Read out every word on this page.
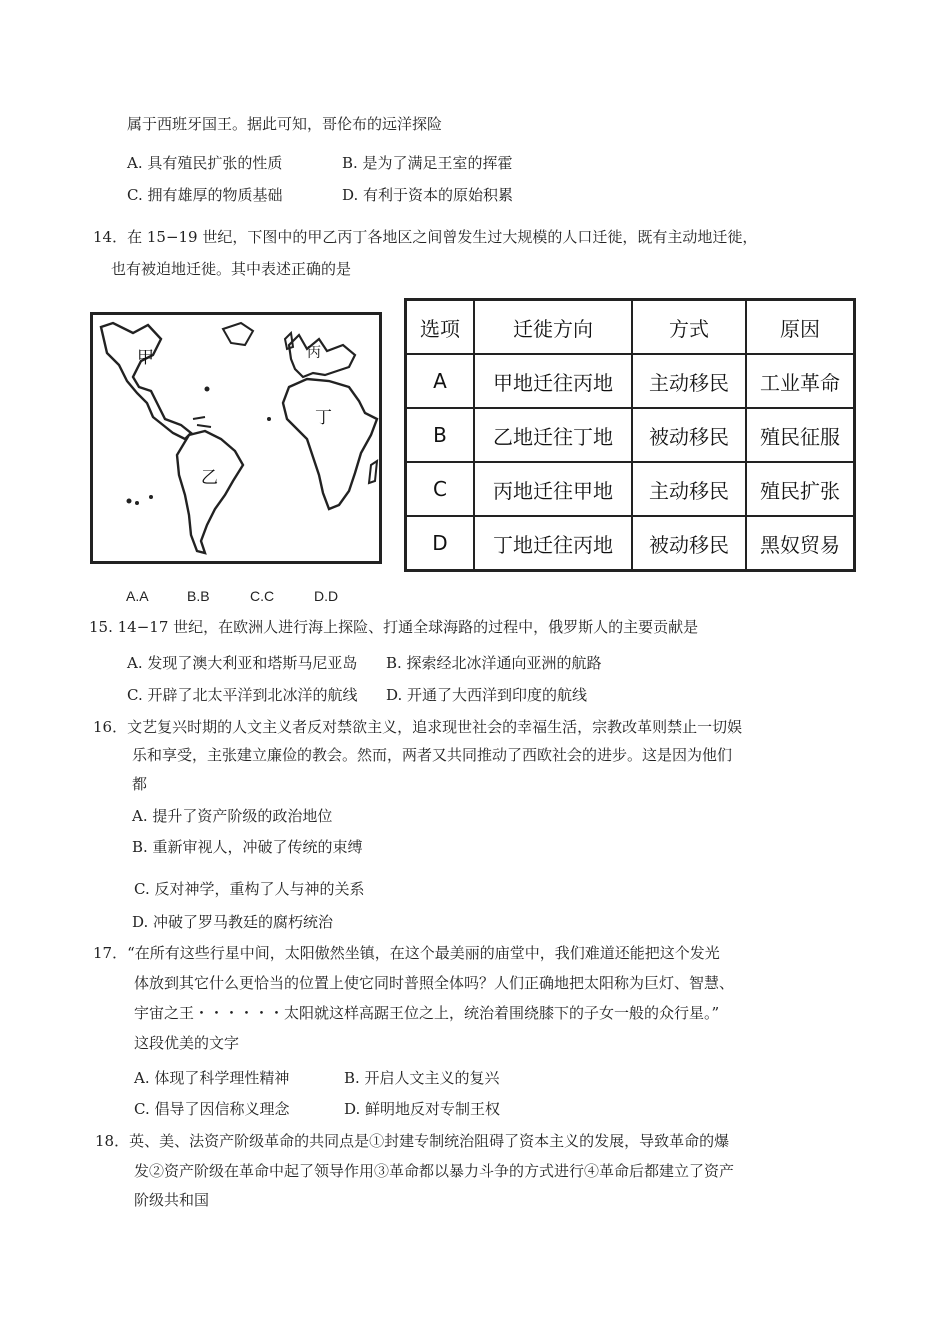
属于西班牙国王。据此可知，哥伦布的远洋探险
A. 具有殖民扩张的性质	B. 是为了满足王室的挥霍
C. 拥有雄厚的物质基础	D. 有利于资本的原始积累
14．在 15−19 世纪，下图中的甲乙丙丁各地区之间曾发生过大规模的人口迁徙，既有主动地迁徙，
也有被迫地迁徙。其中表述正确的是
甲
乙
丙
丁
选项	迁徙方向	方式	原因
A	甲地迁往丙地	主动移民	工业革命
B	乙地迁往丁地	被动移民	殖民征服
C	丙地迁往甲地	主动移民	殖民扩张
D	丁地迁往丙地	被动移民	黑奴贸易
A.A	B.B	C.C	D.D
15. 14−17 世纪，在欧洲人进行海上探险、打通全球海路的过程中，俄罗斯人的主要贡献是
A. 发现了澳大利亚和塔斯马尼亚岛 B. 探索经北冰洋通向亚洲的航路
C. 开辟了北太平洋到北冰洋的航线 D. 开通了大西洋到印度的航线
16．文艺复兴时期的人文主义者反对禁欲主义，追求现世社会的幸福生活，宗教改革则禁止一切娱
乐和享受，主张建立廉俭的教会。然而，两者又共同推动了西欧社会的进步。这是因为他们
都
A. 提升了资产阶级的政治地位
B. 重新审视人，冲破了传统的束缚
C. 反对神学，重构了人与神的关系
D. 冲破了罗马教廷的腐朽统治
17．“在所有这些行星中间，太阳傲然坐镇，在这个最美丽的庙堂中，我们难道还能把这个发光
体放到其它什么更恰当的位置上使它同时普照全体吗？人们正确地把太阳称为巨灯、智慧、
宇宙之王・・・・・・太阳就这样高踞王位之上，统治着围绕膝下的子女一般的众行星。”
这段优美的文字
A. 体现了科学理性精神	B. 开启人文主义的复兴
C. 倡导了因信称义理念	D. 鲜明地反对专制王权
18．英、美、法资产阶级革命的共同点是①封建专制统治阻碍了资本主义的发展，导致革命的爆
发②资产阶级在革命中起了领导作用③革命都以暴力斗争的方式进行④革命后都建立了资产
阶级共和国
